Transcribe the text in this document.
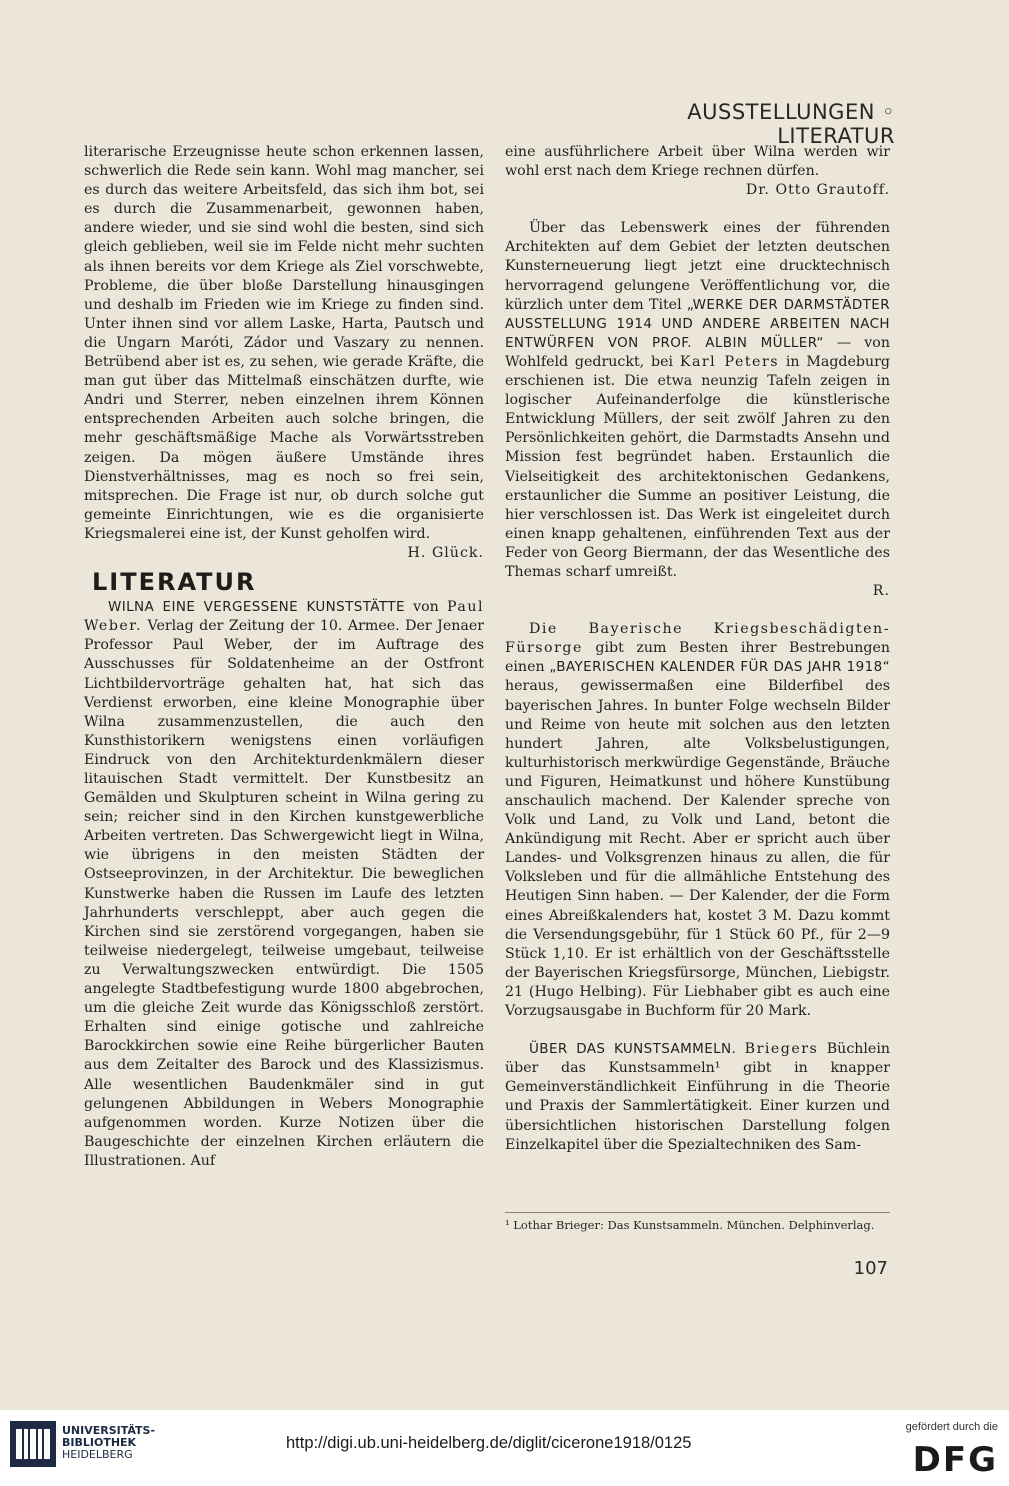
AUSSTELLUNGEN ◦ LITERATUR

literarische Erzeugnisse heute schon erkennen lassen, schwerlich die Rede sein kann. Wohl mag mancher, sei es durch das weitere Arbeitsfeld, das sich ihm bot, sei es durch die Zusammenarbeit, gewonnen haben, andere wieder, und sie sind wohl die besten, sind sich gleich geblieben, weil sie im Felde nicht mehr suchten als ihnen bereits vor dem Kriege als Ziel vorschwebte, Probleme, die über bloße Darstellung hinausgingen und deshalb im Frieden wie im Kriege zu finden sind. Unter ihnen sind vor allem Laske, Harta, Pautsch und die Ungarn Maróti, Zádor und Vaszary zu nennen. Betrübend aber ist es, zu sehen, wie gerade Kräfte, die man gut über das Mittelmaß einschätzen durfte, wie Andri und Sterrer, neben einzelnen ihrem Können entsprechenden Arbeiten auch solche bringen, die mehr geschäftsmäßige Mache als Vorwärtsstreben zeigen. Da mögen äußere Umstände ihres Dienstverhältnisses, mag es noch so frei sein, mitsprechen. Die Frage ist nur, ob durch solche gut gemeinte Einrichtungen, wie es die organisierte Kriegsmalerei eine ist, der Kunst geholfen wird.

H. Glück.

LITERATUR

WILNA EINE VERGESSENE KUNSTSTÄTTE von Paul Weber. Verlag der Zeitung der 10. Armee. Der Jenaer Professor Paul Weber, der im Auftrage des Ausschusses für Soldatenheime an der Ostfront Lichtbildervorträge gehalten hat, hat sich das Verdienst erworben, eine kleine Monographie über Wilna zusammenzustellen, die auch den Kunsthistorikern wenigstens einen vorläufigen Eindruck von den Architekturdenkmälern dieser litauischen Stadt vermittelt. Der Kunstbesitz an Gemälden und Skulpturen scheint in Wilna gering zu sein; reicher sind in den Kirchen kunstgewerbliche Arbeiten vertreten. Das Schwergewicht liegt in Wilna, wie übrigens in den meisten Städten der Ostseeprovinzen, in der Architektur. Die beweglichen Kunstwerke haben die Russen im Laufe des letzten Jahrhunderts verschleppt, aber auch gegen die Kirchen sind sie zerstörend vorgegangen, haben sie teilweise niedergelegt, teilweise umgebaut, teilweise zu Verwaltungszwecken entwürdigt. Die 1505 angelegte Stadtbefestigung wurde 1800 abgebrochen, um die gleiche Zeit wurde das Königsschloß zerstört. Erhalten sind einige gotische und zahlreiche Barockkirchen sowie eine Reihe bürgerlicher Bauten aus dem Zeitalter des Barock und des Klassizismus. Alle wesentlichen Baudenkmäler sind in gut gelungenen Abbildungen in Webers Monographie aufgenommen worden. Kurze Notizen über die Baugeschichte der einzelnen Kirchen erläutern die Illustrationen. Auf

eine ausführlichere Arbeit über Wilna werden wir wohl erst nach dem Kriege rechnen dürfen.

Dr. Otto Grautoff.

Über das Lebenswerk eines der führenden Architekten auf dem Gebiet der letzten deutschen Kunsterneuerung liegt jetzt eine drucktechnisch hervorragend gelungene Veröffentlichung vor, die kürzlich unter dem Titel „WERKE DER DARMSTÄDTER AUSSTELLUNG 1914 UND ANDERE ARBEITEN NACH ENTWÜRFEN VON PROF. ALBIN MÜLLER“ — von Wohlfeld gedruckt, bei Karl Peters in Magdeburg erschienen ist. Die etwa neunzig Tafeln zeigen in logischer Aufeinanderfolge die künstlerische Entwicklung Müllers, der seit zwölf Jahren zu den Persönlichkeiten gehört, die Darmstadts Ansehn und Mission fest begründet haben. Erstaunlich die Vielseitigkeit des architektonischen Gedankens, erstaunlicher die Summe an positiver Leistung, die hier verschlossen ist. Das Werk ist eingeleitet durch einen knapp gehaltenen, einführenden Text aus der Feder von Georg Biermann, der das Wesentliche des Themas scharf umreißt.

R.

Die Bayerische Kriegsbeschädigten-Fürsorge gibt zum Besten ihrer Bestrebungen einen „BAYERISCHEN KALENDER FÜR DAS JAHR 1918“ heraus, gewissermaßen eine Bilderfibel des bayerischen Jahres. In bunter Folge wechseln Bilder und Reime von heute mit solchen aus den letzten hundert Jahren, alte Volksbelustigungen, kulturhistorisch merkwürdige Gegenstände, Bräuche und Figuren, Heimatkunst und höhere Kunstübung anschaulich machend. Der Kalender spreche von Volk und Land, zu Volk und Land, betont die Ankündigung mit Recht. Aber er spricht auch über Landes- und Volksgrenzen hinaus zu allen, die für Volksleben und für die allmähliche Entstehung des Heutigen Sinn haben. — Der Kalender, der die Form eines Abreißkalenders hat, kostet 3 M. Dazu kommt die Versendungsgebühr, für 1 Stück 60 Pf., für 2—9 Stück 1,10. Er ist erhältlich von der Geschäftsstelle der Bayerischen Kriegsfürsorge, München, Liebigstr. 21 (Hugo Helbing). Für Liebhaber gibt es auch eine Vorzugsausgabe in Buchform für 20 Mark.

ÜBER DAS KUNSTSAMMELN. Briegers Büchlein über das Kunstsammeln¹ gibt in knapper Gemeinverständlichkeit Einführung in die Theorie und Praxis der Sammlertätigkeit. Einer kurzen und übersichtlichen historischen Darstellung folgen Einzelkapitel über die Spezialtechniken des Sam-

¹ Lothar Brieger: Das Kunstsammeln. München. Delphinverlag.
107
UNIVERSITÄTS-
BIBLIOTHEK
HEIDELBERG
http://digi.ub.uni-heidelberg.de/diglit/cicerone1918/0125
gefördert durch die
DFG
